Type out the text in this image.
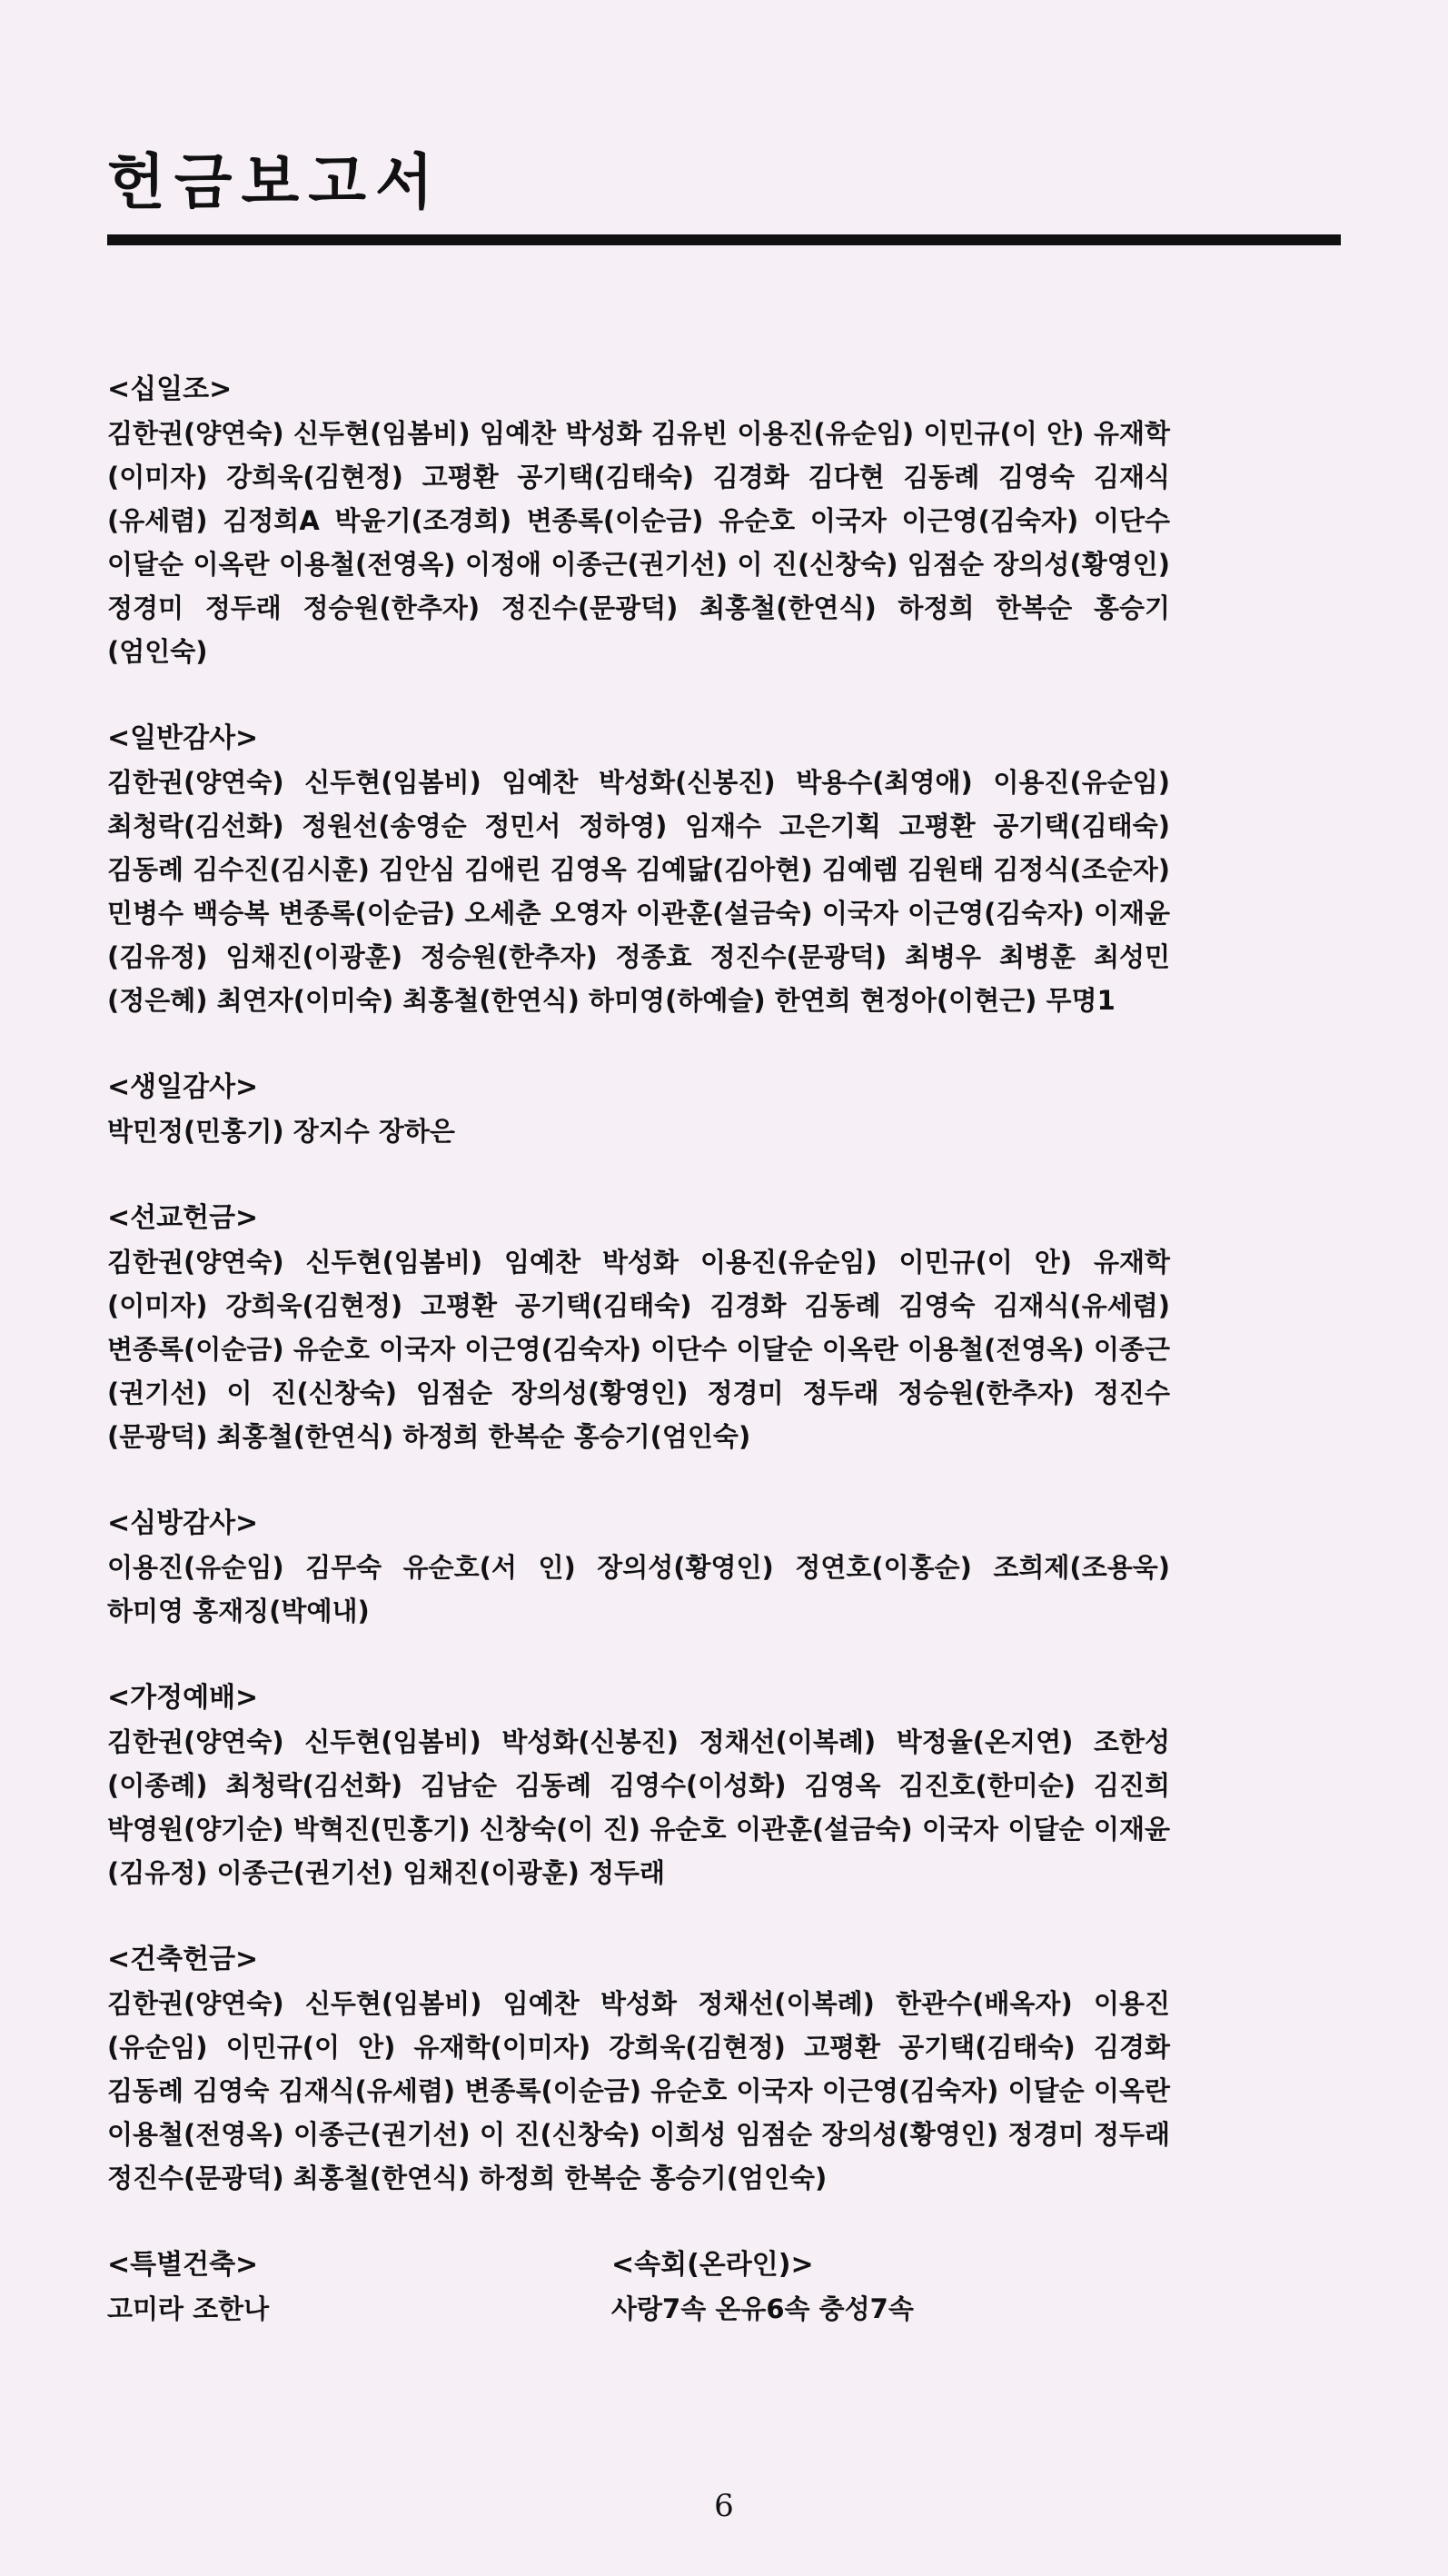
헌금보고서

<십일조>

김한권(양연숙) 신두현(임봄비) 임예찬 박성화 김유빈 이용진(유순임) 이민규(이 안) 유재학(이미자) 강희욱(김현정) 고평환 공기택(김태숙) 김경화 김다현 김동례 김영숙 김재식(유세렴) 김정희A 박윤기(조경희) 변종록(이순금) 유순호 이국자 이근영(김숙자) 이단수 이달순 이옥란 이용철(전영옥) 이정애 이종근(권기선) 이 진(신창숙) 임점순 장의성(황영인) 정경미 정두래 정승원(한추자) 정진수(문광덕) 최홍철(한연식) 하정희 한복순 홍승기(엄인숙)

<일반감사>

김한권(양연숙) 신두현(임봄비) 임예찬 박성화(신봉진) 박용수(최영애) 이용진(유순임) 최청락(김선화) 정원선(송영순 정민서 정하영) 임재수 고은기획 고평환 공기택(김태숙) 김동례 김수진(김시훈) 김안심 김애린 김영옥 김예닮(김아현) 김예렘 김원태 김정식(조순자) 민병수 백승복 변종록(이순금) 오세춘 오영자 이관훈(설금숙) 이국자 이근영(김숙자) 이재윤(김유정) 임채진(이광훈) 정승원(한추자) 정종효 정진수(문광덕) 최병우 최병훈 최성민(정은혜) 최연자(이미숙) 최홍철(한연식) 하미영(하예슬) 한연희 현정아(이현근) 무명1

<생일감사>

박민정(민홍기) 장지수 장하은

<선교헌금>

김한권(양연숙) 신두현(임봄비) 임예찬 박성화 이용진(유순임) 이민규(이 안) 유재학(이미자) 강희욱(김현정) 고평환 공기택(김태숙) 김경화 김동례 김영숙 김재식(유세렴) 변종록(이순금) 유순호 이국자 이근영(김숙자) 이단수 이달순 이옥란 이용철(전영옥) 이종근(권기선) 이 진(신창숙) 임점순 장의성(황영인) 정경미 정두래 정승원(한추자) 정진수(문광덕) 최홍철(한연식) 하정희 한복순 홍승기(엄인숙)

<심방감사>

이용진(유순임) 김무숙 유순호(서 인) 장의성(황영인) 정연호(이홍순) 조희제(조용욱) 하미영 홍재징(박예내)

<가정예배>

김한권(양연숙) 신두현(임봄비) 박성화(신봉진) 정채선(이복례) 박정율(온지연) 조한성(이종례) 최청락(김선화) 김남순 김동례 김영수(이성화) 김영옥 김진호(한미순) 김진희 박영원(양기순) 박혁진(민홍기) 신창숙(이 진) 유순호 이관훈(설금숙) 이국자 이달순 이재윤(김유정) 이종근(권기선) 임채진(이광훈) 정두래

<건축헌금>

김한권(양연숙) 신두현(임봄비) 임예찬 박성화 정채선(이복례) 한관수(배옥자) 이용진(유순임) 이민규(이 안) 유재학(이미자) 강희욱(김현정) 고평환 공기택(김태숙) 김경화 김동례 김영숙 김재식(유세렴) 변종록(이순금) 유순호 이국자 이근영(김숙자) 이달순 이옥란 이용철(전영옥) 이종근(권기선) 이 진(신창숙) 이희성 임점순 장의성(황영인) 정경미 정두래 정진수(문광덕) 최홍철(한연식) 하정희 한복순 홍승기(엄인숙)

<특별건축>

고미라 조한나

<속회(온라인)>

사랑7속 온유6속 충성7속

6
